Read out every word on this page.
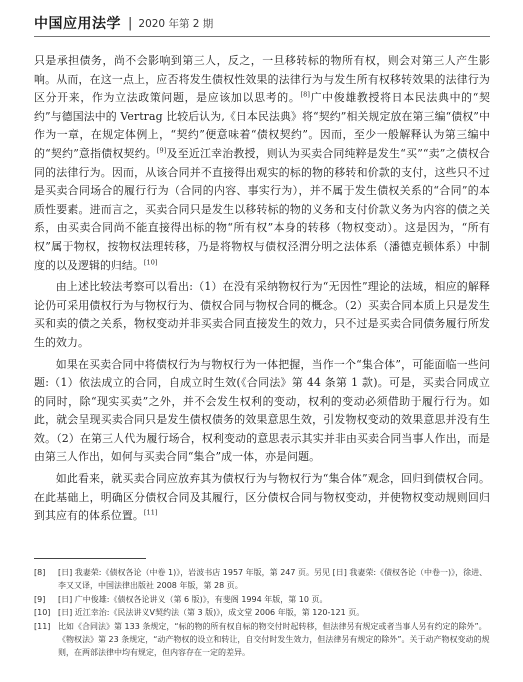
中国应用法学 | 2020 年第 2 期

只是承担债务，尚不会影响到第三人，反之，一旦移转标的物所有权，则会对第三人产生影响。从而，在这一点上，应否将发生债权性效果的法律行为与发生所有权移转效果的法律行为区分开来，作为立法政策问题，是应该加以思考的。[8]广中俊雄教授将日本民法典中的“契约”与德国法中的 Vertrag 比较后认为,《日本民法典》将“契约”相关规定放在第三编“债权”中作为一章，在规定体例上，“契约”便意味着“债权契约”。因而，至少一般解释认为第三编中的“契约”意指债权契约。[9]及至近江幸治教授，则认为买卖合同纯粹是发生“买”“卖”之债权合同的法律行为。因而，从该合同并不直接得出观实的标的物的移转和价款的支付，这些只不过是买卖合同场合的履行行为（合同的内容、事实行为），并不属于发生债权关系的“合同”的本质性要素。进而言之，买卖合同只是发生以移转标的物的义务和支付价款义务为内容的债之关系，由买卖合同尚不能直接得出标的物“所有权”本身的转移（物权变动）。这是因为，“所有权”属于物权，按物权法理转移，乃是将物权与债权泾渭分明之法体系（潘德克顿体系）中制度的以及逻辑的归结。[10]

由上述比较法考察可以看出:（1）在没有采纳物权行为“无因性”理论的法域，相应的解释论仍可采用债权行为与物权行为、债权合同与物权合同的概念。（2）买卖合同本质上只是发生买和卖的债之关系，物权变动并非买卖合同直接发生的效力，只不过是买卖合同债务履行所发生的效力。

如果在买卖合同中将债权行为与物权行为一体把握，当作一个“集合体”，可能面临一些问题:（1）依法成立的合同，自成立时生效(《合同法》第 44 条第 1 款)。可是，买卖合同成立的同时，除“现实买卖”之外，并不会发生权利的变动，权利的变动必须借助于履行行为。如此，就会呈现买卖合同只是发生债权债务的效果意思生效，引发物权变动的效果意思并没有生效。（2）在第三人代为履行场合，权利变动的意思表示其实并非由买卖合同当事人作出，而是由第三人作出，如何与买卖合同“集合”成一体，亦是问题。

如此看来，就买卖合同应放弃其为债权行为与物权行为“集合体”观念，回归到债权合同。在此基础上，明确区分债权合同及其履行，区分债权合同与物权变动，并使物权变动规则回归到其应有的体系位置。[11]

[8]	[日] 我妻荣:《债权各论（中卷 1)》，岩波书店 1957 年版，第 247 页。另见 [日] 我妻荣:《债权各论（中卷一)》，徐进、李又又译，中国法律出版社 2008 年版，第 28 页。
[9]	[日] 广中俊雄:《债权各论讲义（第 6 版)》，有斐阁 1994 年版，第 10 页。
[10] [日] 近江幸治:《民法讲义Ⅴ契约法（第 3 版)》，成文堂 2006 年版，第 120-121 页。
[11] 比如《合同法》第 133 条规定，“标的物的所有权自标的物交付时起转移，但法律另有规定或者当事人另有约定的除外”。《物权法》第 23 条规定，“动产物权的设立和转让，自交付时发生效力，但法律另有规定的除外”。关于动产物权变动的规则，在两部法律中均有规定，但内容存在一定的差异。
